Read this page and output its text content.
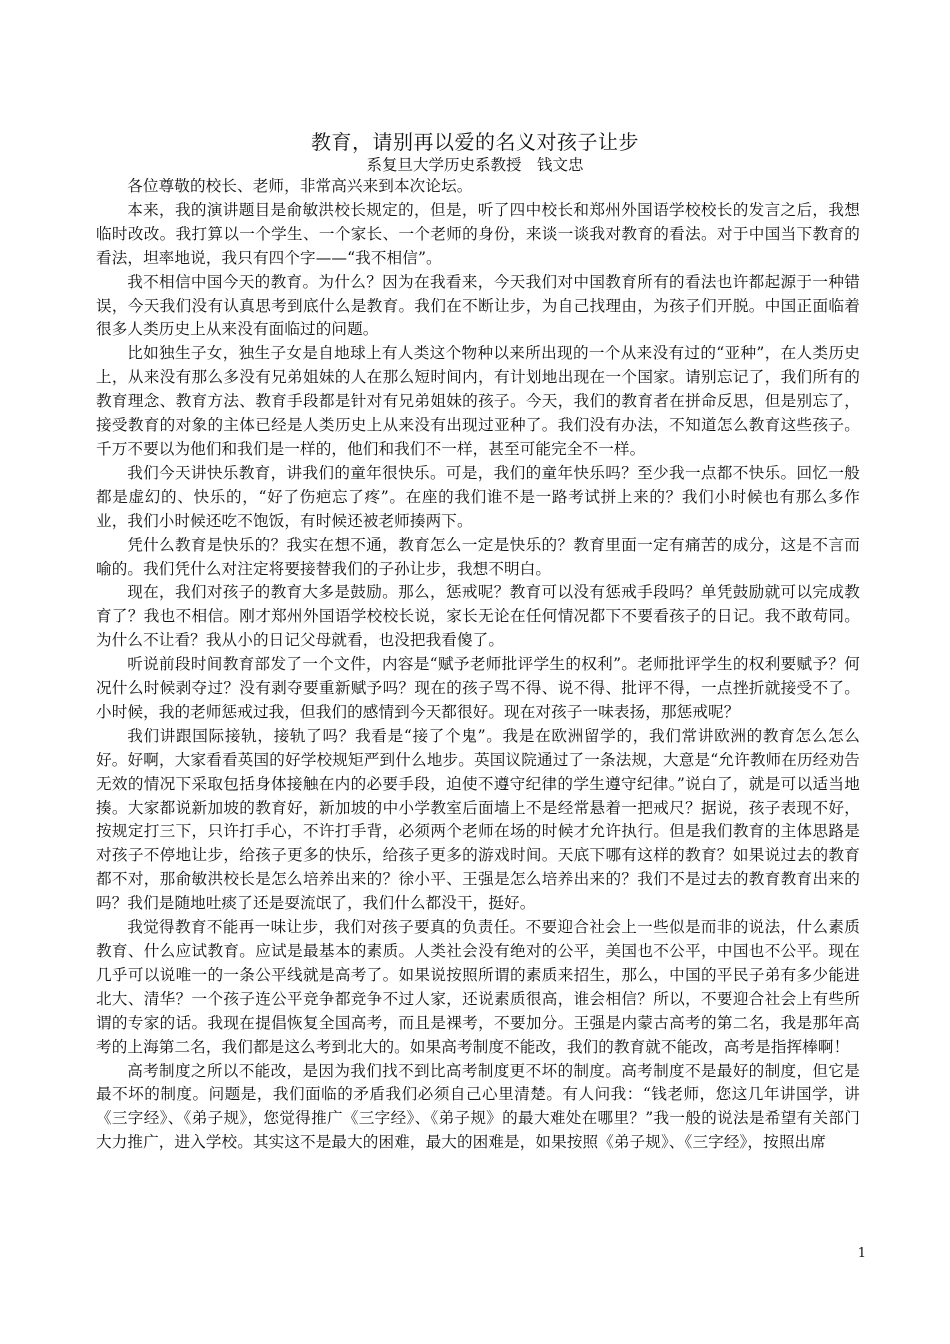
教育，请别再以爱的名义对孩子让步
系复旦大学历史系教授　钱文忠

各位尊敬的校长、老师，非常高兴来到本次论坛。

本来，我的演讲题目是俞敏洪校长规定的，但是，听了四中校长和郑州外国语学校校长的发言之后，我想临时改改。我打算以一个学生、一个家长、一个老师的身份，来谈一谈我对教育的看法。对于中国当下教育的看法，坦率地说，我只有四个字——“我不相信”。

我不相信中国今天的教育。为什么？因为在我看来，今天我们对中国教育所有的看法也许都起源于一种错误，今天我们没有认真思考到底什么是教育。我们在不断让步，为自己找理由，为孩子们开脱。中国正面临着很多人类历史上从来没有面临过的问题。

比如独生子女，独生子女是自地球上有人类这个物种以来所出现的一个从来没有过的“亚种”，在人类历史上，从来没有那么多没有兄弟姐妹的人在那么短时间内，有计划地出现在一个国家。请别忘记了，我们所有的教育理念、教育方法、教育手段都是针对有兄弟姐妹的孩子。今天，我们的教育者在拼命反思，但是别忘了，接受教育的对象的主体已经是人类历史上从来没有出现过亚种了。我们没有办法，不知道怎么教育这些孩子。千万不要以为他们和我们是一样的，他们和我们不一样，甚至可能完全不一样。

我们今天讲快乐教育，讲我们的童年很快乐。可是，我们的童年快乐吗？至少我一点都不快乐。回忆一般都是虚幻的、快乐的，“好了伤疤忘了疼”。在座的我们谁不是一路考试拼上来的？我们小时候也有那么多作业，我们小时候还吃不饱饭，有时候还被老师揍两下。

凭什么教育是快乐的？我实在想不通，教育怎么一定是快乐的？教育里面一定有痛苦的成分，这是不言而喻的。我们凭什么对注定将要接替我们的子孙让步，我想不明白。

现在，我们对孩子的教育大多是鼓励。那么，惩戒呢？教育可以没有惩戒手段吗？单凭鼓励就可以完成教育了？我也不相信。刚才郑州外国语学校校长说，家长无论在任何情况都下不要看孩子的日记。我不敢苟同。为什么不让看？我从小的日记父母就看，也没把我看傻了。

听说前段时间教育部发了一个文件，内容是“赋予老师批评学生的权利”。老师批评学生的权利要赋予？何况什么时候剥夺过？没有剥夺要重新赋予吗？现在的孩子骂不得、说不得、批评不得，一点挫折就接受不了。小时候，我的老师惩戒过我，但我们的感情到今天都很好。现在对孩子一味表扬，那惩戒呢？

我们讲跟国际接轨，接轨了吗？我看是“接了个鬼”。我是在欧洲留学的，我们常讲欧洲的教育怎么怎么好。好啊，大家看看英国的好学校规矩严到什么地步。英国议院通过了一条法规，大意是“允许教师在历经劝告无效的情况下采取包括身体接触在内的必要手段，迫使不遵守纪律的学生遵守纪律。”说白了，就是可以适当地揍。大家都说新加坡的教育好，新加坡的中小学教室后面墙上不是经常悬着一把戒尺？据说，孩子表现不好，按规定打三下，只许打手心，不许打手背，必须两个老师在场的时候才允许执行。但是我们教育的主体思路是对孩子不停地让步，给孩子更多的快乐，给孩子更多的游戏时间。天底下哪有这样的教育？如果说过去的教育都不对，那俞敏洪校长是怎么培养出来的？徐小平、王强是怎么培养出来的？我们不是过去的教育教育出来的吗？我们是随地吐痰了还是耍流氓了，我们什么都没干，挺好。

我觉得教育不能再一味让步，我们对孩子要真的负责任。不要迎合社会上一些似是而非的说法，什么素质教育、什么应试教育。应试是最基本的素质。人类社会没有绝对的公平，美国也不公平，中国也不公平。现在几乎可以说唯一的一条公平线就是高考了。如果说按照所谓的素质来招生，那么，中国的平民子弟有多少能进北大、清华？一个孩子连公平竞争都竞争不过人家，还说素质很高，谁会相信？所以，不要迎合社会上有些所谓的专家的话。我现在提倡恢复全国高考，而且是裸考，不要加分。王强是内蒙古高考的第二名，我是那年高考的上海第二名，我们都是这么考到北大的。如果高考制度不能改，我们的教育就不能改，高考是指挥棒啊！

高考制度之所以不能改，是因为我们找不到比高考制度更不坏的制度。高考制度不是最好的制度，但它是最不坏的制度。问题是，我们面临的矛盾我们必须自己心里清楚。有人问我：“钱老师，您这几年讲国学，讲《三字经》、《弟子规》，您觉得推广《三字经》、《弟子规》的最大难处在哪里？”我一般的说法是希望有关部门大力推广，进入学校。其实这不是最大的困难，最大的困难是，如果按照《弟子规》、《三字经》，按照出席

1
